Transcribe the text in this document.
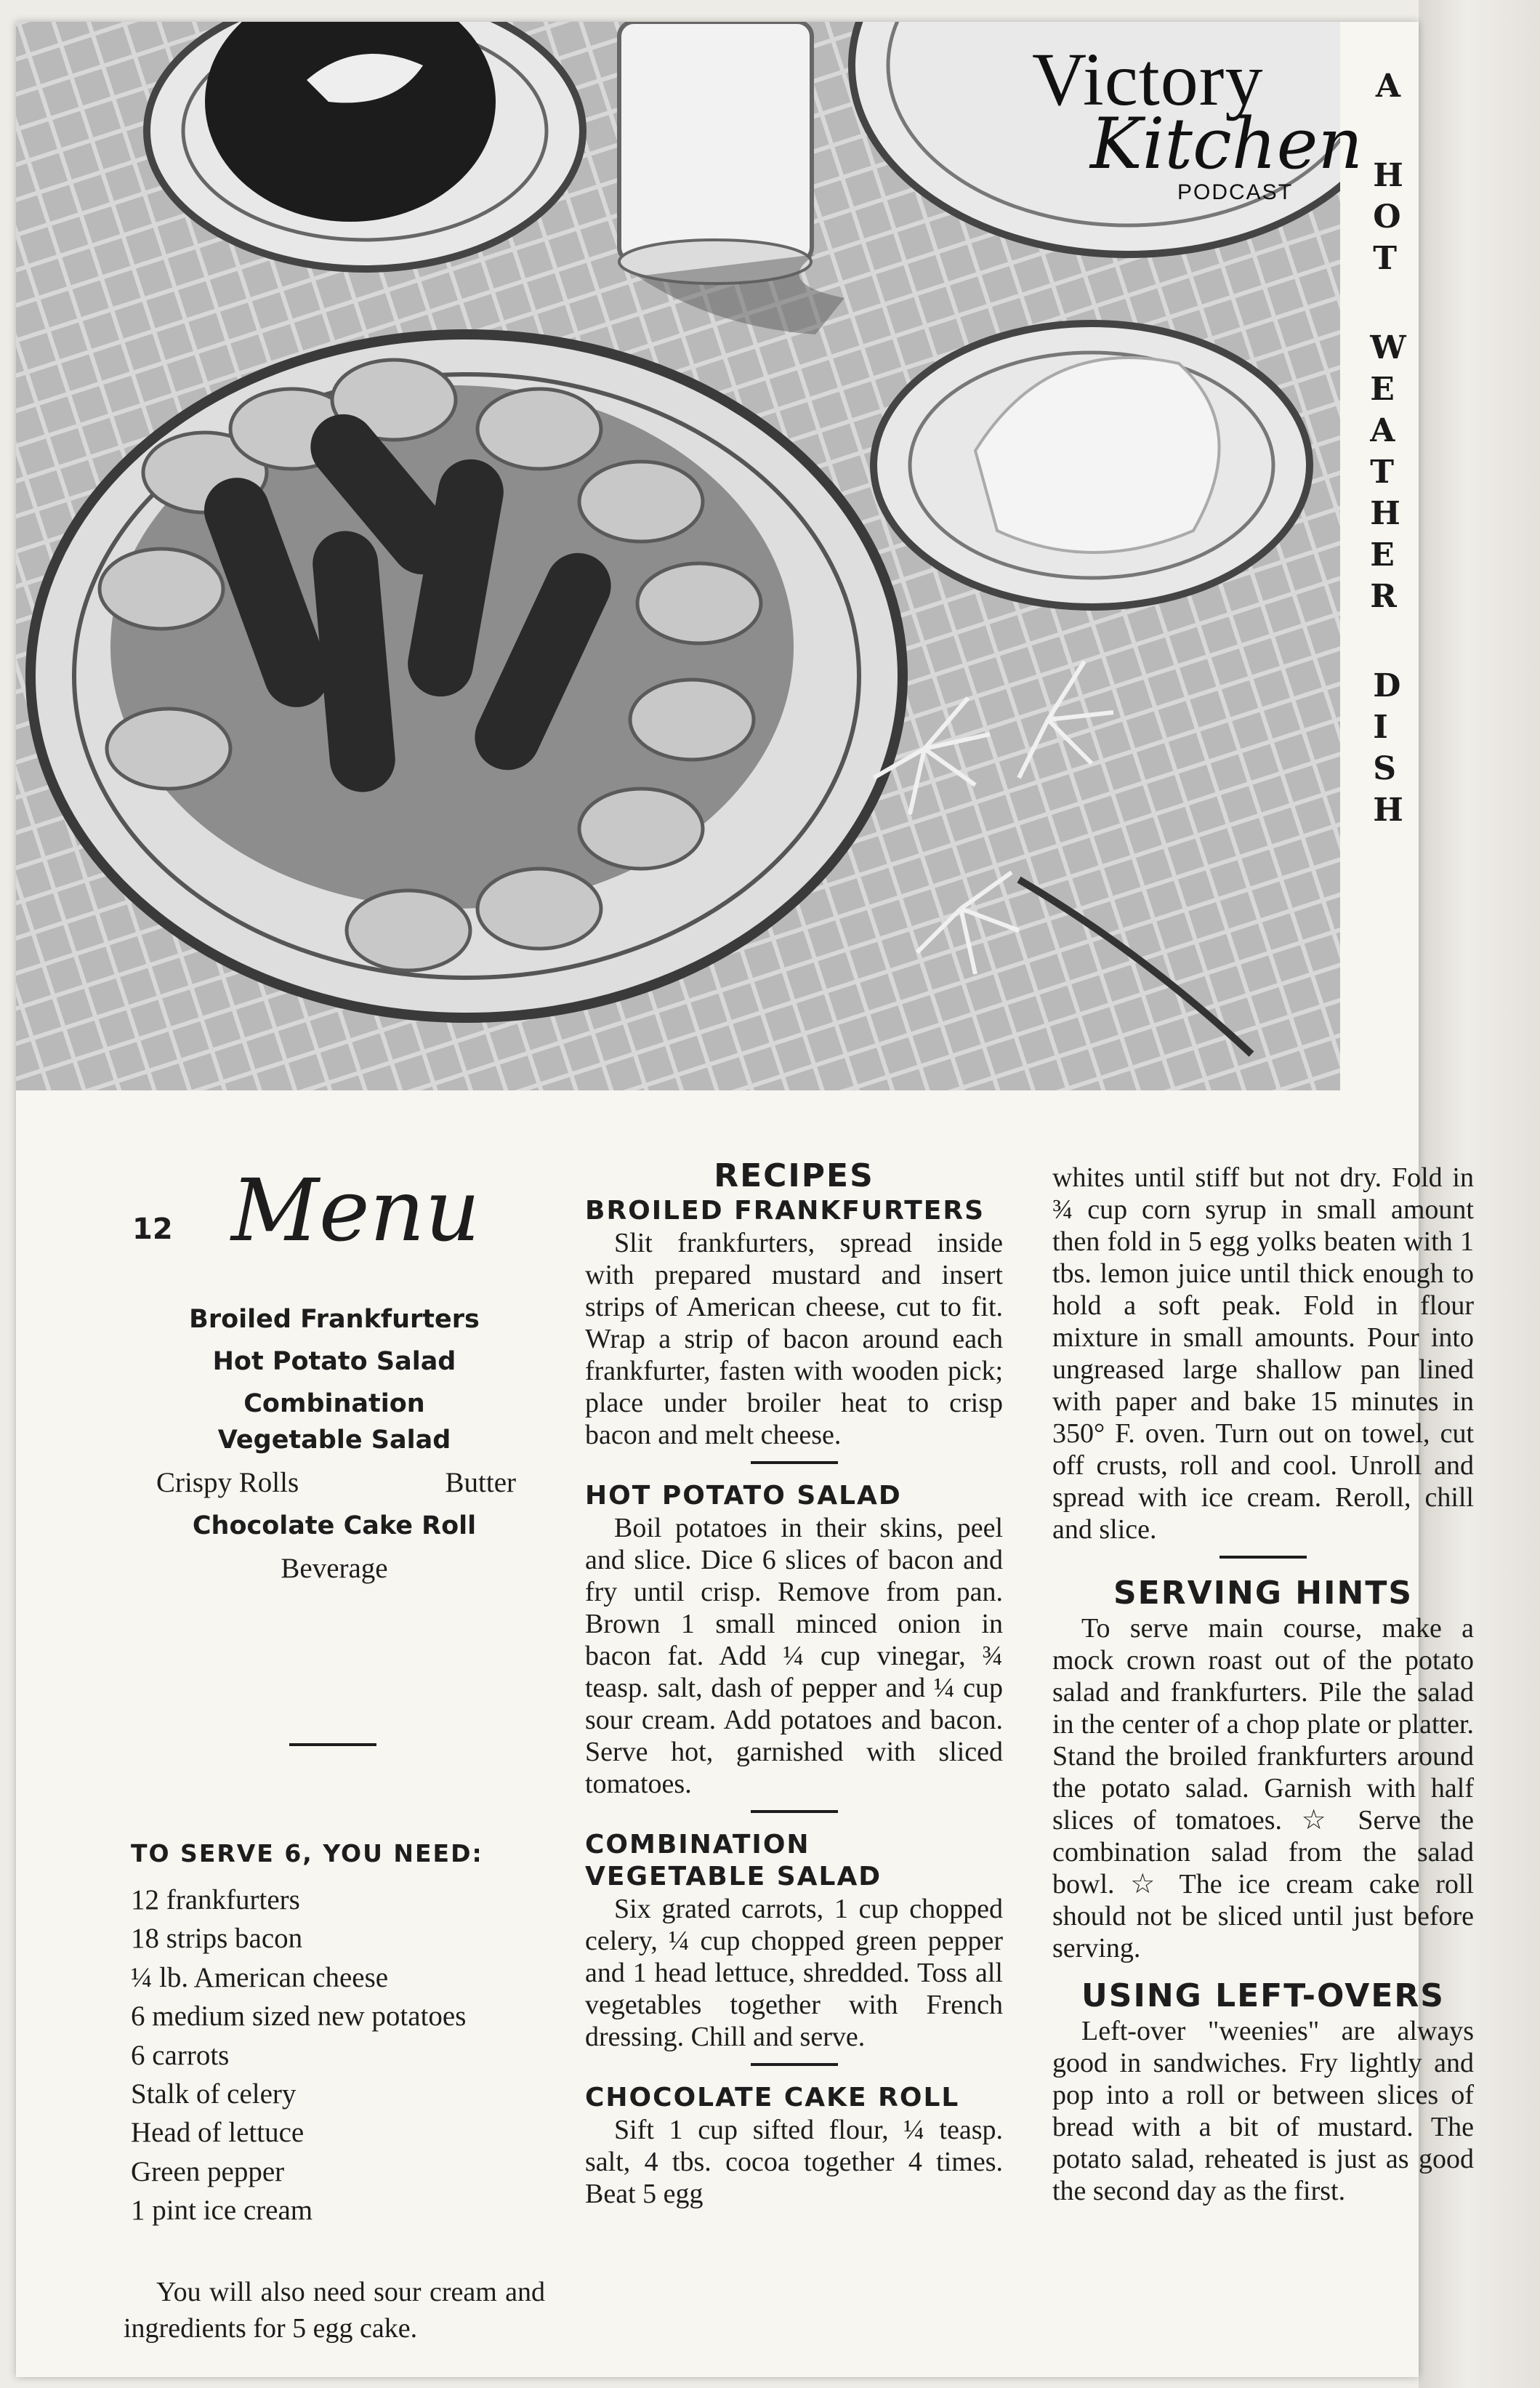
Victory
Kitchen
PODCAST
A
H
O
T
W
E
A
T
H
E
R
D
I
S
H
12 Menu
Broiled Frankfurters
Hot Potato Salad
Combination Vegetable Salad
Crispy Rolls	Butter
Chocolate Cake Roll
Beverage
TO SERVE 6, YOU NEED:
12 frankfurters
18 strips bacon
¼ lb. American cheese
6 medium sized new potatoes
6 carrots
Stalk of celery
Head of lettuce
Green pepper
1 pint ice cream

You will also need sour cream and ingredients for 5 egg cake.

RECIPES
BROILED FRANKFURTERS

Slit frankfurters, spread inside with prepared mustard and insert strips of American cheese, cut to fit. Wrap a strip of bacon around each frankfurter, fasten with wooden pick; place under broiler heat to crisp bacon and melt cheese.

HOT POTATO SALAD

Boil potatoes in their skins, peel and slice. Dice 6 slices of bacon and fry until crisp. Remove from pan. Brown 1 small minced onion in bacon fat. Add ¼ cup vinegar, ¾ teasp. salt, dash of pepper and ¼ cup sour cream. Add potatoes and bacon. Serve hot, garnished with sliced tomatoes.

COMBINATION
VEGETABLE SALAD

Six grated carrots, 1 cup chopped celery, ¼ cup chopped green pepper and 1 head lettuce, shredded. Toss all vegetables together with French dressing. Chill and serve.

CHOCOLATE CAKE ROLL

Sift 1 cup sifted flour, ¼ teasp. salt, 4 tbs. cocoa together 4 times. Beat 5 egg

whites until stiff but not dry. Fold in ¾ cup corn syrup in small amount then fold in 5 egg yolks beaten with 1 tbs. lemon juice until thick enough to hold a soft peak. Fold in flour mixture in small amounts. Pour into ungreased large shallow pan lined with paper and bake 15 minutes in 350° F. oven. Turn out on towel, cut off crusts, roll and cool. Unroll and spread with ice cream. Reroll, chill and slice.

SERVING HINTS

To serve main course, make a mock crown roast out of the potato salad and frankfurters. Pile the salad in the center of a chop plate or platter. Stand the broiled frankfurters around the potato salad. Garnish with half slices of tomatoes. ☆ Serve the combination salad from the salad bowl. ☆ The ice cream cake roll should not be sliced until just before serving.

USING LEFT-OVERS

Left-over "weenies" are always good in sandwiches. Fry lightly and pop into a roll or between slices of bread with a bit of mustard. The potato salad, reheated is just as good the second day as the first.
